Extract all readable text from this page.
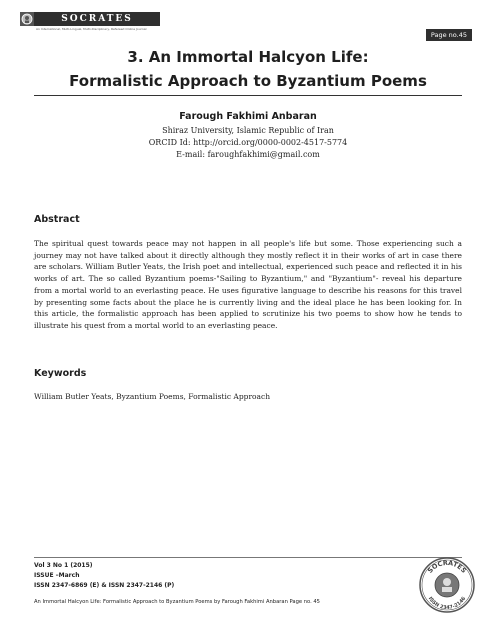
SOCRATES
An International, Multi-Lingual, Multi-Disciplinary, Refereed Online Journal
Page no.45
3. An Immortal Halcyon Life:
Formalistic Approach to Byzantium Poems
Farough Fakhimi Anbaran
Shiraz University, Islamic Republic of Iran
ORCID Id: http://orcid.org/0000-0002-4517-5774
E-mail: faroughfakhimi@gmail.com
Abstract
The spiritual quest towards peace may not happen in all people's life but some. Those experiencing such a journey may not have talked about it directly although they mostly reflect it in their works of art in case there are scholars. William Butler Yeats, the Irish poet and intellectual, experienced such peace and reflected it in his works of art. The so called Byzantium poems-"Sailing to Byzantium," and "Byzantium"- reveal his departure from a mortal world to an everlasting peace. He uses figurative language to describe his reasons for this travel by presenting some facts about the place he is currently living and the ideal place he has been looking for. In this article, the formalistic approach has been applied to scrutinize his two poems to show how he tends to illustrate his quest from a mortal world to an everlasting peace.
Keywords
William Butler Yeats, Byzantium Poems, Formalistic Approach
Vol 3 No 1 (2015)
ISSUE –March
ISSN 2347-6869 (E) & ISSN 2347-2146 (P)
An Immortal Halcyon Life: Formalistic Approach to Byzantium Poems by Farough Fakhimi Anbaran Page no. 45
SOCRATES
ISSN 2347-2146
